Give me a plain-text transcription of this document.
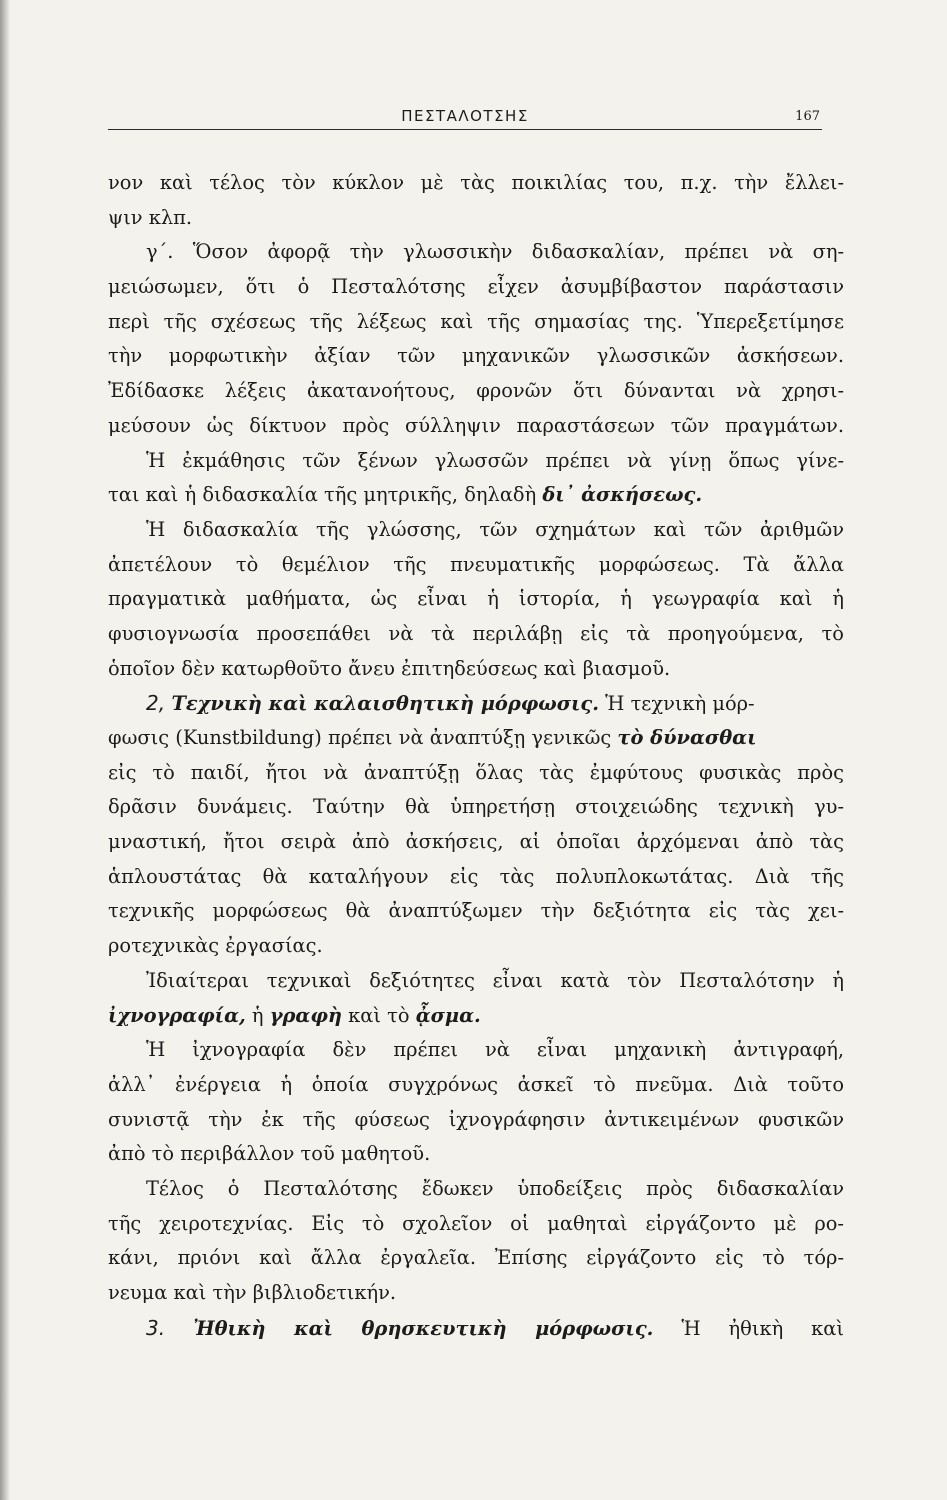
ΠΕΣΤΑΛΟΤΣΗΣ	167
νον καὶ τέλος τὸν κύκλον μὲ τὰς ποικιλίας του, π.χ. τὴν ἔλλει-
ψιν κλπ.
γ΄. Ὅσον ἀφορᾷ τὴν γλωσσικὴν διδασκαλίαν, πρέπει νὰ ση-
μειώσωμεν, ὅτι ὁ Πεσταλότσης εἶχεν ἀσυμβίβαστον παράστασιν
περὶ τῆς σχέσεως τῆς λέξεως καὶ τῆς σημασίας της. Ὑπερεξετίμησε
τὴν μορφωτικὴν ἀξίαν τῶν μηχανικῶν γλωσσικῶν ἀσκήσεων.
Ἐδίδασκε λέξεις ἀκατανοήτους, φρονῶν ὅτι δύνανται νὰ χρησι-
μεύσουν ὡς δίκτυον πρὸς σύλληψιν παραστάσεων τῶν πραγμάτων.
Ἡ ἐκμάθησις τῶν ξένων γλωσσῶν πρέπει νὰ γίνῃ ὅπως γίνε-
ται καὶ ἡ διδασκαλία τῆς μητρικῆς, δηλαδὴ δι᾽ ἀσκήσεως.
Ἡ διδασκαλία τῆς γλώσσης, τῶν σχημάτων καὶ τῶν ἀριθμῶν
ἀπετέλουν τὸ θεμέλιον τῆς πνευματικῆς μορφώσεως. Τὰ ἄλλα
πραγματικὰ μαθήματα, ὡς εἶναι ἡ ἱστορία, ἡ γεωγραφία καὶ ἡ
φυσιογνωσία προσεπάθει νὰ τὰ περιλάβῃ εἰς τὰ προηγούμενα, τὸ
ὁποῖον δὲν κατωρθοῦτο ἄνευ ἐπιτηδεύσεως καὶ βιασμοῦ.
2, Τεχνικὴ καὶ καλαισθητικὴ μόρφωσις. Ἡ τεχνικὴ μόρ-
φωσις (Kunstbildung) πρέπει νὰ ἀναπτύξῃ γενικῶς τὸ δύνασθαι
εἰς τὸ παιδί, ἤτοι νὰ ἀναπτύξῃ ὅλας τὰς ἐμφύτους φυσικὰς πρὸς
δρᾶσιν δυνάμεις. Ταύτην θὰ ὑπηρετήσῃ στοιχειώδης τεχνικὴ γυ-
μναστική, ἤτοι σειρὰ ἀπὸ ἀσκήσεις, αἱ ὁποῖαι ἀρχόμεναι ἀπὸ τὰς
ἁπλουστάτας θὰ καταλήγουν εἰς τὰς πολυπλοκωτάτας. Διὰ τῆς
τεχνικῆς μορφώσεως θὰ ἀναπτύξωμεν τὴν δεξιότητα εἰς τὰς χει-
ροτεχνικὰς ἐργασίας.
Ἰδιαίτεραι τεχνικαὶ δεξιότητες εἶναι κατὰ τὸν Πεσταλότσην ἡ
ἰχνογραφία, ἡ γραφὴ καὶ τὸ ᾆσμα.
Ἡ ἰχνογραφία δὲν πρέπει νὰ εἶναι μηχανικὴ ἀντιγραφή,
ἀλλ᾽ ἐνέργεια ἡ ὁποία συγχρόνως ἀσκεῖ τὸ πνεῦμα. Διὰ τοῦτο
συνιστᾷ τὴν ἐκ τῆς φύσεως ἰχνογράφησιν ἀντικειμένων φυσικῶν
ἀπὸ τὸ περιβάλλον τοῦ μαθητοῦ.
Τέλος ὁ Πεσταλότσης ἔδωκεν ὑποδείξεις πρὸς διδασκαλίαν
τῆς χειροτεχνίας. Εἰς τὸ σχολεῖον οἱ μαθηταὶ εἰργάζοντο μὲ ρο-
κάνι, πριόνι καὶ ἄλλα ἐργαλεῖα. Ἐπίσης εἰργάζοντο εἰς τὸ τόρ-
νευμα καὶ τὴν βιβλιοδετικήν.
3. Ἠθικὴ καὶ θρησκευτικὴ μόρφωσις. Ἡ ἠθικὴ καὶ
